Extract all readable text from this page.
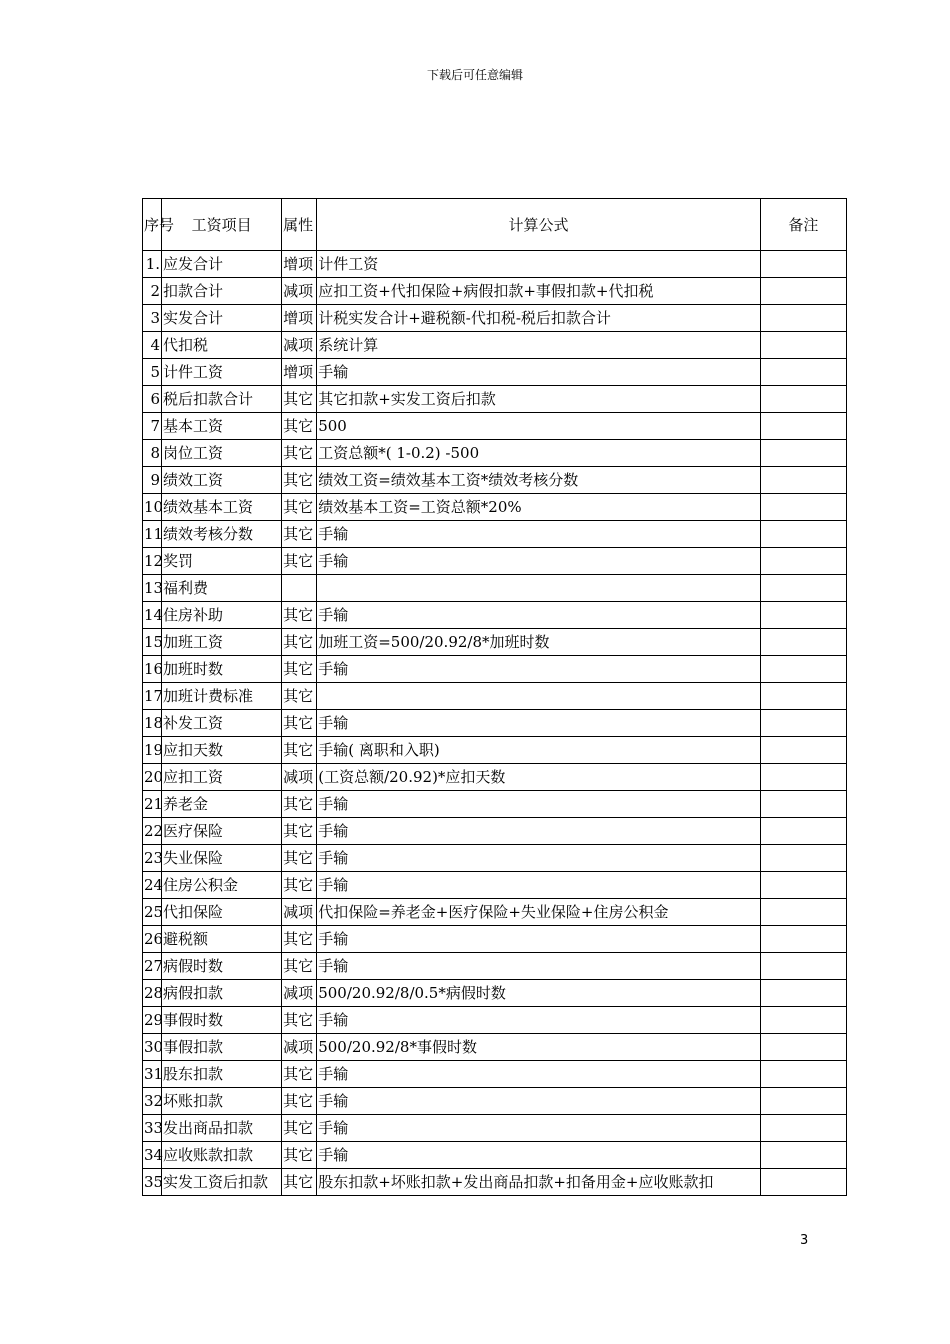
下载后可任意编辑
序号	工资项目	属性	计算公式	备注
1.	应发合计	增项	计件工资	
2	扣款合计	减项	应扣工资+代扣保险+病假扣款+事假扣款+代扣税	
3	实发合计	增项	计税实发合计+避税额-代扣税-税后扣款合计	
4	代扣税	减项	系统计算	
5	计件工资	增项	手输	
6	税后扣款合计	其它	其它扣款+实发工资后扣款	
7	基本工资	其它	500	
8	岗位工资	其它	工资总额*( 1-0.2) -500	
9	绩效工资	其它	绩效工资=绩效基本工资*绩效考核分数	
10	绩效基本工资	其它	绩效基本工资=工资总额*20%	
11	绩效考核分数	其它	手输	
12	奖罚	其它	手输	
13	福利费			
14	住房补助	其它	手输	
15	加班工资	其它	加班工资=500/20.92/8*加班时数	
16	加班时数	其它	手输	
17	加班计费标准	其它		
18	补发工资	其它	手输	
19	应扣天数	其它	手输( 离职和入职)	
20	应扣工资	减项	(工资总额/20.92)*应扣天数	
21	养老金	其它	手输	
22	医疗保险	其它	手输	
23	失业保险	其它	手输	
24	住房公积金	其它	手输	
25	代扣保险	减项	代扣保险=养老金+医疗保险+失业保险+住房公积金	
26	避税额	其它	手输	
27	病假时数	其它	手输	
28	病假扣款	减项	500/20.92/8/0.5*病假时数	
29	事假时数	其它	手输	
30	事假扣款	减项	500/20.92/8*事假时数	
31	股东扣款	其它	手输	
32	坏账扣款	其它	手输	
33	发出商品扣款	其它	手输	
34	应收账款扣款	其它	手输	
35	实发工资后扣款	其它	股东扣款+坏账扣款+发出商品扣款+扣备用金+应收账款扣	
3
